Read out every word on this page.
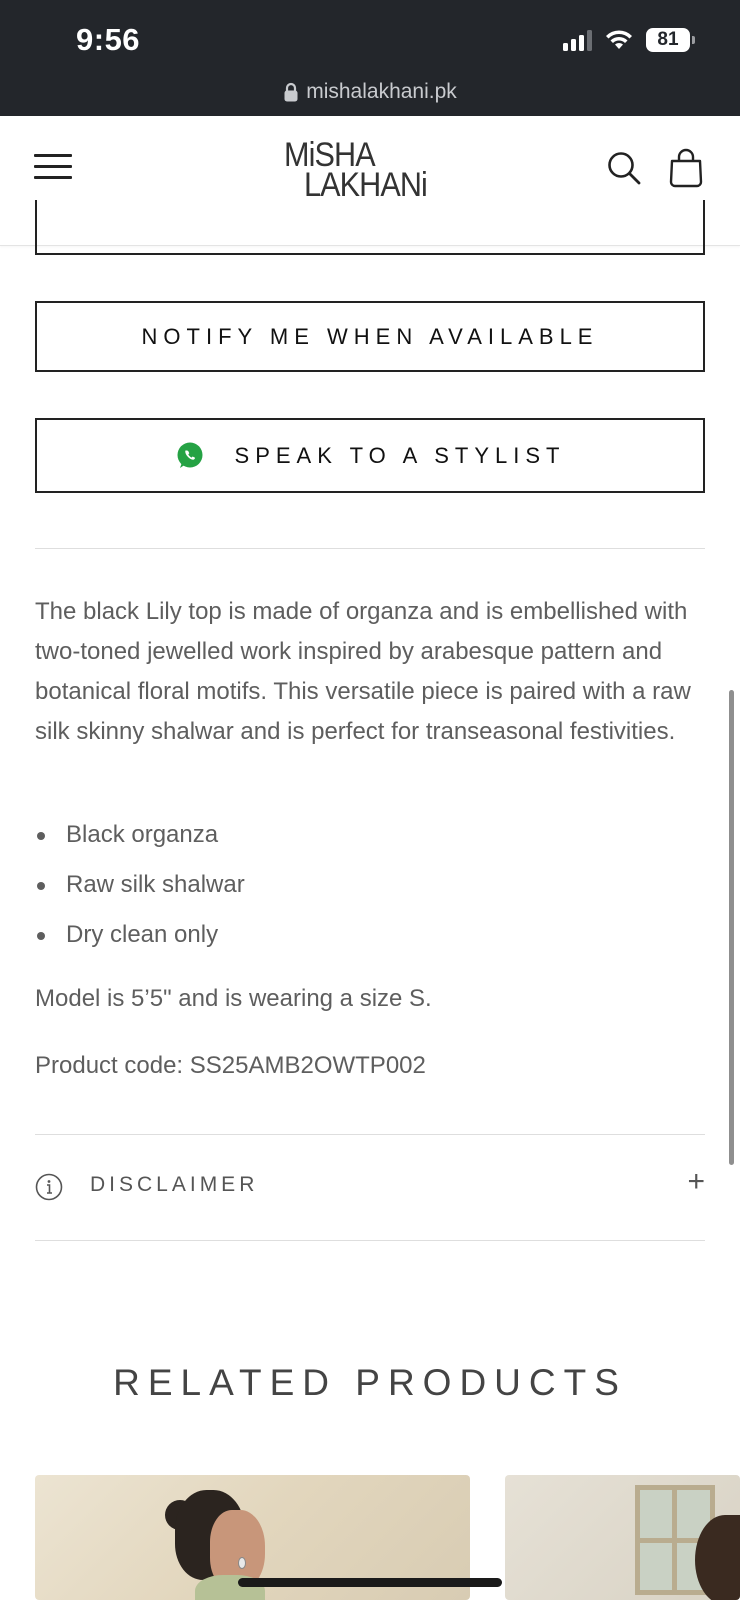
9:56	81
mishalakhani.pk
MiSHA
LAKHANi
NOTIFY ME WHEN AVAILABLE
SPEAK TO A STYLIST

The black Lily top is made of organza and is embellished with two-toned jewelled work inspired by arabesque pattern and botanical floral motifs. This versatile piece is paired with a raw silk skinny shalwar and is perfect for transeasonal festivities.

Black organza
Raw silk shalwar
Dry clean only
Model is 5’5" and is wearing a size S.
Product code: SS25AMB2OWTP002
DISCLAIMER	+
RELATED PRODUCTS
